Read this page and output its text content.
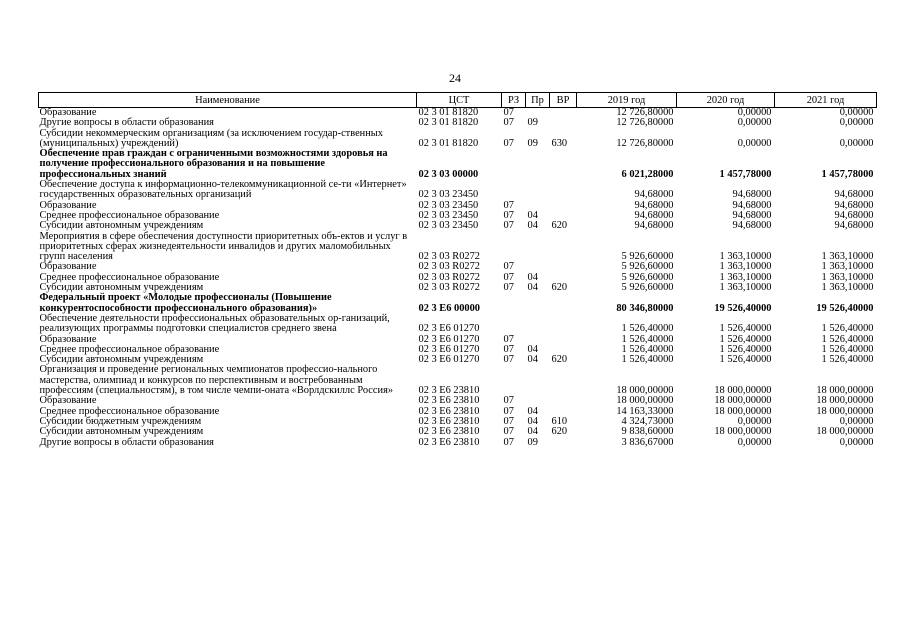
24
Наименование	ЦСТ	РЗ	Пр	ВР	2019 год	2020 год	2021 год
Образование	02 3 01 81820	07			12 726,80000	0,00000	0,00000
Другие вопросы в области образования	02 3 01 81820	07	09		12 726,80000	0,00000	0,00000
Субсидии некоммерческим организациям (за исключением государ-ственных (муниципальных) учреждений)	02 3 01 81820	07	09	630	12 726,80000	0,00000	0,00000
Обеспечение прав граждан с ограниченными возможностями здоровья на получение профессионального образования и на повышение профессиональных знаний	02 3 03 00000				6 021,28000	1 457,78000	1 457,78000
Обеспечение доступа к информационно-телекоммуникационной се-ти «Интернет» государственных образовательных организаций	02 3 03 23450				94,68000	94,68000	94,68000
Образование	02 3 03 23450	07			94,68000	94,68000	94,68000
Среднее профессиональное образование	02 3 03 23450	07	04		94,68000	94,68000	94,68000
Субсидии автономным учреждениям	02 3 03 23450	07	04	620	94,68000	94,68000	94,68000
Мероприятия в сфере обеспечения доступности приоритетных объ-ектов и услуг в приоритетных сферах жизнедеятельности инвалидов и других маломобильных групп населения	02 3 03 R0272				5 926,60000	1 363,10000	1 363,10000
Образование	02 3 03 R0272	07			5 926,60000	1 363,10000	1 363,10000
Среднее профессиональное образование	02 3 03 R0272	07	04		5 926,60000	1 363,10000	1 363,10000
Субсидии автономным учреждениям	02 3 03 R0272	07	04	620	5 926,60000	1 363,10000	1 363,10000
Федеральный проект «Молодые профессионалы (Повышение конкурентоспособности профессионального образования)»	02 3 E6 00000				80 346,80000	19 526,40000	19 526,40000
Обеспечение деятельности профессиональных образовательных ор-ганизаций, реализующих программы подготовки специалистов среднего звена	02 3 E6 01270				1 526,40000	1 526,40000	1 526,40000
Образование	02 3 E6 01270	07			1 526,40000	1 526,40000	1 526,40000
Среднее профессиональное образование	02 3 E6 01270	07	04		1 526,40000	1 526,40000	1 526,40000
Субсидии автономным учреждениям	02 3 E6 01270	07	04	620	1 526,40000	1 526,40000	1 526,40000
Организация и проведение региональных чемпионатов профессио-нального мастерства, олимпиад и конкурсов по перспективным и востребованным профессиям (специальностям), в том числе чемпи-оната «Ворлдскиллс Россия»	02 3 E6 23810				18 000,00000	18 000,00000	18 000,00000
Образование	02 3 E6 23810	07			18 000,00000	18 000,00000	18 000,00000
Среднее профессиональное образование	02 3 E6 23810	07	04		14 163,33000	18 000,00000	18 000,00000
Субсидии бюджетным учреждениям	02 3 E6 23810	07	04	610	4 324,73000	0,00000	0,00000
Субсидии автономным учреждениям	02 3 E6 23810	07	04	620	9 838,60000	18 000,00000	18 000,00000
Другие вопросы в области образования	02 3 E6 23810	07	09		3 836,67000	0,00000	0,00000
